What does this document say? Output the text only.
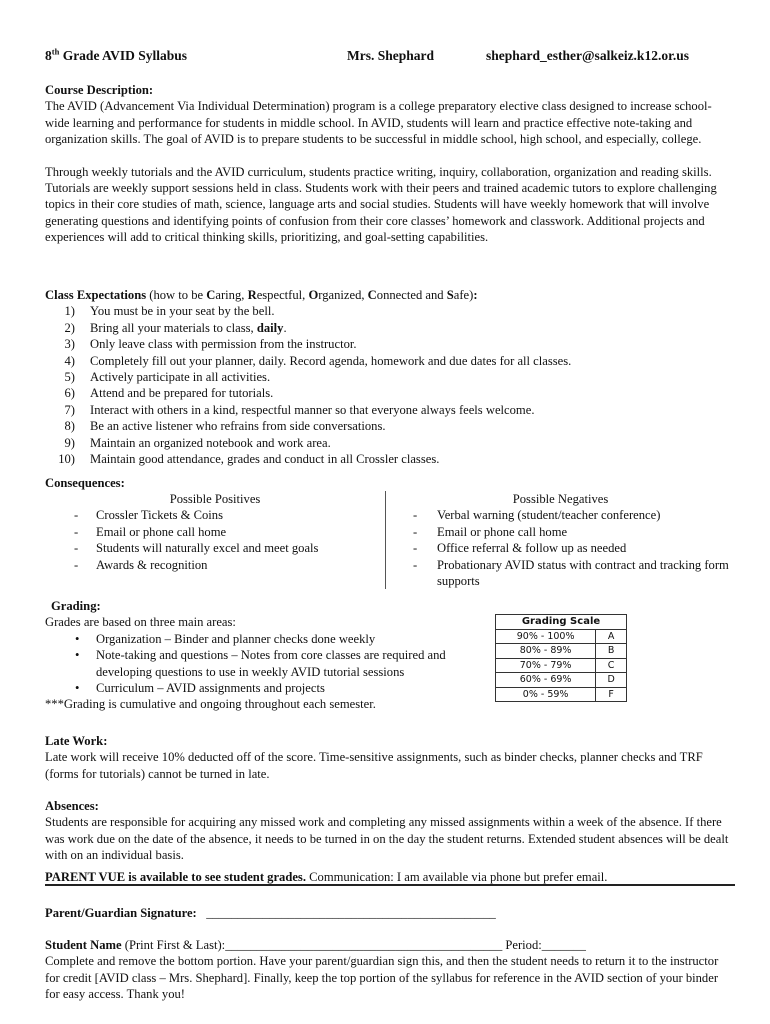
8th Grade AVID Syllabus	Mrs. Shephard	shephard_esther@salkeiz.k12.or.us

Course Description:

The AVID (Advancement Via Individual Determination) program is a college preparatory elective class designed to increase school-wide learning and performance for students in middle school. In AVID, students will learn and practice effective note-taking and organization skills. The goal of AVID is to prepare students to be successful in middle school, high school, and especially, college.

Through weekly tutorials and the AVID curriculum, students practice writing, inquiry, collaboration, organization and reading skills. Tutorials are weekly support sessions held in class. Students work with their peers and trained academic tutors to explore challenging topics in their core studies of math, science, language arts and social studies. Students will have weekly homework that will involve generating questions and identifying points of confusion from their core classes’ homework and classwork. Additional projects and experiences will add to critical thinking skills, prioritizing, and goal-setting capabilities.

Class Expectations (how to be Caring, Respectful, Organized, Connected and Safe):

1) You must be in your seat by the bell.
2) Bring all your materials to class, daily.
3) Only leave class with permission from the instructor.
4) Completely fill out your planner, daily. Record agenda, homework and due dates for all classes.
5) Actively participate in all activities.
6) Attend and be prepared for tutorials.
7) Interact with others in a kind, respectful manner so that everyone always feels welcome.
8) Be an active listener who refrains from side conversations.
9) Maintain an organized notebook and work area.
10) Maintain good attendance, grades and conduct in all Crossler classes.

Consequences:

Possible Positives
- Crossler Tickets & Coins
- Email or phone call home
- Students will naturally excel and meet goals
- Awards & recognition
Possible Negatives
- Verbal warning (student/teacher conference)
- Email or phone call home
- Office referral & follow up as needed
- Probationary AVID status with contract and tracking form supports

Grading:

Grades are based on three main areas:

• Organization – Binder and planner checks done weekly
• Note-taking and questions – Notes from core classes are required and developing questions to use in weekly AVID tutorial sessions
• Curriculum – AVID assignments and projects

***Grading is cumulative and ongoing throughout each semester.

Grading Scale	
90% - 100%	A
80% - 89%	B
70% - 79%	C
60% - 69%	D
0% - 59%	F

Late Work:

Late work will receive 10% deducted off of the score. Time-sensitive assignments, such as binder checks, planner checks and TRF (forms for tutorials) cannot be turned in late.

Absences:

Students are responsible for acquiring any missed work and completing any missed assignments within a week of the absence. If there was work due on the date of the absence, it needs to be turned in on the day the student returns. Extended student absences will be dealt with on an individual basis.

PARENT VUE is available to see student grades. Communication: I am available via phone but prefer email.

Parent/Guardian Signature: ______________________________________________

Student Name (Print First & Last):____________________________________________ Period:_______

Complete and remove the bottom portion. Have your parent/guardian sign this, and then the student needs to return it to the instructor for credit [AVID class – Mrs. Shephard]. Finally, keep the top portion of the syllabus for reference in the AVID section of your binder for easy access. Thank you!
